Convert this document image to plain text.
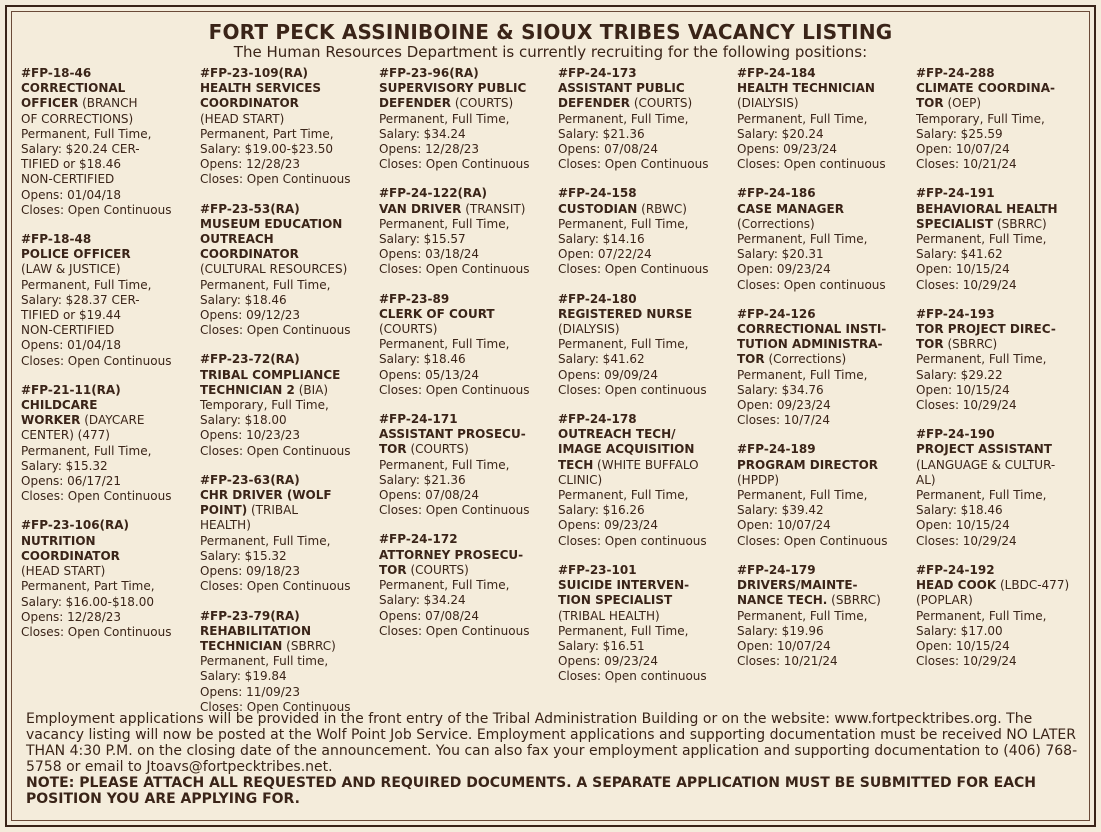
FORT PECK ASSINIBOINE & SIOUX TRIBES VACANCY LISTING
The Human Resources Department is currently recruiting for the following positions:
#FP-18-46
CORRECTIONAL
OFFICER (BRANCH
OF CORRECTIONS)
Permanent, Full Time,
Salary: $20.24 CER-
TIFIED or $18.46
NON-CERTIFIED
Opens: 01/04/18
Closes: Open Continuous
#FP-18-48
POLICE OFFICER
(LAW & JUSTICE)
Permanent, Full Time,
Salary: $28.37 CER-
TIFIED or $19.44
NON-CERTIFIED
Opens: 01/04/18
Closes: Open Continuous
#FP-21-11(RA)
CHILDCARE
WORKER (DAYCARE
CENTER) (477)
Permanent, Full Time,
Salary: $15.32
Opens: 06/17/21
Closes: Open Continuous
#FP-23-106(RA)
NUTRITION
COORDINATOR
(HEAD START)
Permanent, Part Time,
Salary: $16.00-$18.00
Opens: 12/28/23
Closes: Open Continuous
#FP-23-109(RA)
HEALTH SERVICES
COORDINATOR
(HEAD START)
Permanent, Part Time,
Salary: $19.00-$23.50
Opens: 12/28/23
Closes: Open Continuous
#FP-23-53(RA)
MUSEUM EDUCATION
OUTREACH
COORDINATOR
(CULTURAL RESOURCES)
Permanent, Full Time,
Salary: $18.46
Opens: 09/12/23
Closes: Open Continuous
#FP-23-72(RA)
TRIBAL COMPLIANCE
TECHNICIAN 2 (BIA)
Temporary, Full Time,
Salary: $18.00
Opens: 10/23/23
Closes: Open Continuous
#FP-23-63(RA)
CHR DRIVER (WOLF
POINT) (TRIBAL
HEALTH)
Permanent, Full Time,
Salary: $15.32
Opens: 09/18/23
Closes: Open Continuous
#FP-23-79(RA)
REHABILITATION
TECHNICIAN (SBRRC)
Permanent, Full time,
Salary: $19.84
Opens: 11/09/23
Closes: Open Continuous
#FP-23-96(RA)
SUPERVISORY PUBLIC
DEFENDER (COURTS)
Permanent, Full Time,
Salary: $34.24
Opens: 12/28/23
Closes: Open Continuous
#FP-24-122(RA)
VAN DRIVER (TRANSIT)
Permanent, Full Time,
Salary: $15.57
Opens: 03/18/24
Closes: Open Continuous
#FP-23-89
CLERK OF COURT
(COURTS)
Permanent, Full Time,
Salary: $18.46
Opens: 05/13/24
Closes: Open Continuous
#FP-24-171
ASSISTANT PROSECU-
TOR (COURTS)
Permanent, Full Time,
Salary: $21.36
Opens: 07/08/24
Closes: Open Continuous
#FP-24-172
ATTORNEY PROSECU-
TOR (COURTS)
Permanent, Full Time,
Salary: $34.24
Opens: 07/08/24
Closes: Open Continuous
#FP-24-173
ASSISTANT PUBLIC
DEFENDER (COURTS)
Permanent, Full Time,
Salary: $21.36
Opens: 07/08/24
Closes: Open Continuous
#FP-24-158
CUSTODIAN (RBWC)
Permanent, Full Time,
Salary: $14.16
Open: 07/22/24
Closes: Open Continuous
#FP-24-180
REGISTERED NURSE
(DIALYSIS)
Permanent, Full Time,
Salary: $41.62
Opens: 09/09/24
Closes: Open continuous
#FP-24-178
OUTREACH TECH/
IMAGE ACQUISITION
TECH (WHITE BUFFALO
CLINIC)
Permanent, Full Time,
Salary: $16.26
Opens: 09/23/24
Closes: Open continuous
#FP-23-101
SUICIDE INTERVEN-
TION SPECIALIST
(TRIBAL HEALTH)
Permanent, Full Time,
Salary: $16.51
Opens: 09/23/24
Closes: Open continuous
#FP-24-184
HEALTH TECHNICIAN
(DIALYSIS)
Permanent, Full Time,
Salary: $20.24
Opens: 09/23/24
Closes: Open continuous
#FP-24-186
CASE MANAGER
(Corrections)
Permanent, Full Time,
Salary: $20.31
Open: 09/23/24
Closes: Open continuous
#FP-24-126
CORRECTIONAL INSTI-
TUTION ADMINISTRA-
TOR (Corrections)
Permanent, Full Time,
Salary: $34.76
Open: 09/23/24
Closes: 10/7/24
#FP-24-189
PROGRAM DIRECTOR
(HPDP)
Permanent, Full Time,
Salary: $39.42
Open: 10/07/24
Closes: Open Continuous
#FP-24-179
DRIVERS/MAINTE-
NANCE TECH. (SBRRC)
Permanent, Full Time,
Salary: $19.96
Open: 10/07/24
Closes: 10/21/24
#FP-24-288
CLIMATE COORDINA-
TOR (OEP)
Temporary, Full Time,
Salary: $25.59
Open: 10/07/24
Closes: 10/21/24
#FP-24-191
BEHAVIORAL HEALTH
SPECIALIST (SBRRC)
Permanent, Full Time,
Salary: $41.62
Open: 10/15/24
Closes: 10/29/24
#FP-24-193
TOR PROJECT DIREC-
TOR (SBRRC)
Permanent, Full Time,
Salary: $29.22
Open: 10/15/24
Closes: 10/29/24
#FP-24-190
PROJECT ASSISTANT
(LANGUAGE & CULTUR-
AL)
Permanent, Full Time,
Salary: $18.46
Open: 10/15/24
Closes: 10/29/24
#FP-24-192
HEAD COOK (LBDC-477)
(POPLAR)
Permanent, Full Time,
Salary: $17.00
Open: 10/15/24
Closes: 10/29/24
Employment applications will be provided in the front entry of the Tribal Administration Building or on the website: www.fortpecktribes.org. The vacancy listing will now be posted at the Wolf Point Job Service. Employment applications and supporting documentation must be received NO LATER THAN 4:30 P.M. on the closing date of the announcement. You can also fax your employment application and supporting documentation to (406) 768-5758 or email to Jtoavs@fortpecktribes.net.
NOTE: PLEASE ATTACH ALL REQUESTED AND REQUIRED DOCUMENTS. A SEPARATE APPLICATION MUST BE SUBMITTED FOR EACH POSITION YOU ARE APPLYING FOR.
